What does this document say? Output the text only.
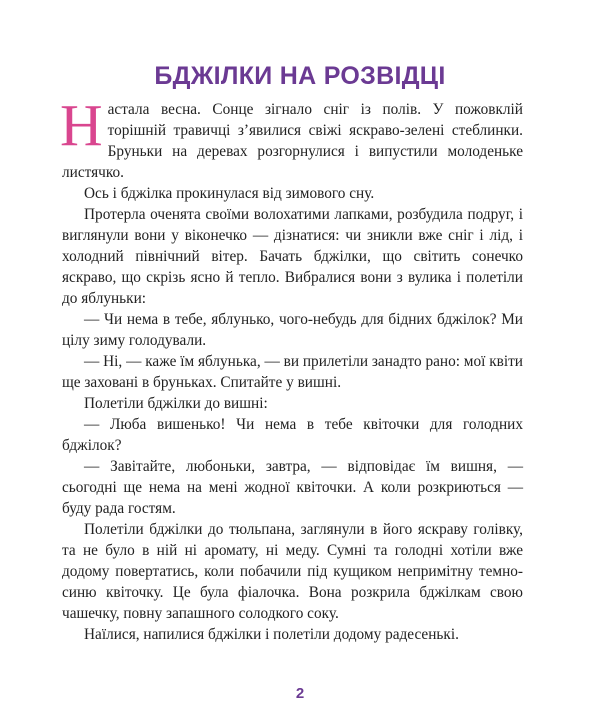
БДЖІЛКИ НА РОЗВІДЦІ

Настала весна. Сонце зігнало сніг із полів. У пожовклій торішній травичці з’явилися свіжі яскраво-зелені стеблинки. Бруньки на деревах розгорнулися і випустили молоденьке листячко.

Ось і бджілка прокинулася від зимового сну.

Протерла оченята своїми волохатими лапками, розбудила подруг, і виглянули вони у віконечко — дізнатися: чи зникли вже сніг і лід, і холодний північний вітер. Бачать бджілки, що світить сонечко яскраво, що скрізь ясно й тепло. Вибралися вони з вулика і полетіли до яблуньки:

— Чи нема в тебе, яблунько, чого-небудь для бідних бджілок? Ми цілу зиму голодували.

— Ні, — каже їм яблунька, — ви прилетіли занадто рано: мої квіти ще заховані в бруньках. Спитайте у вишні.

Полетіли бджілки до вишні:

— Люба вишенько! Чи нема в тебе квіточки для голодних бджілок?

— Завітайте, любоньки, завтра, — відповідає їм вишня, — сьогодні ще нема на мені жодної квіточки. А коли розкриються — буду рада гостям.

Полетіли бджілки до тюльпана, заглянули в його яскраву голівку, та не було в ній ні аромату, ні меду. Сумні та голодні хотіли вже додому повертатись, коли побачили під кущиком непримітну темно-синю квіточку. Це була фіалочка. Вона розкрила бджілкам свою чашечку, повну запашного солодкого соку.

Наїлися, напилися бджілки і полетіли додому радесенькі.

2
